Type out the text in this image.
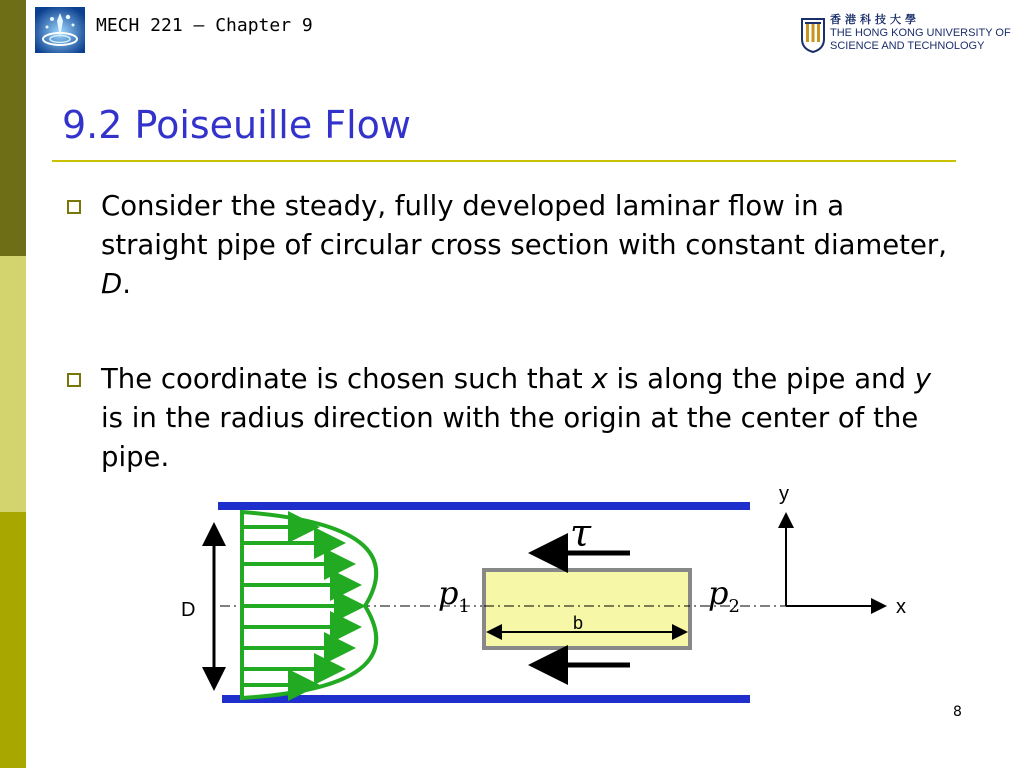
MECH 221 – Chapter 9	香港科技大學
THE HONG KONG UNIVERSITY OF
SCIENCE AND TECHNOLOGY
9.2 Poiseuille Flow
Consider the steady, fully developed laminar flow in a straight pipe of circular cross section with constant diameter, D.
The coordinate is chosen such that x is along the pipe and y is in the radius direction with the origin at the center of the pipe.
D
b
τ
$p_1$	$p_2$
y
x
8
